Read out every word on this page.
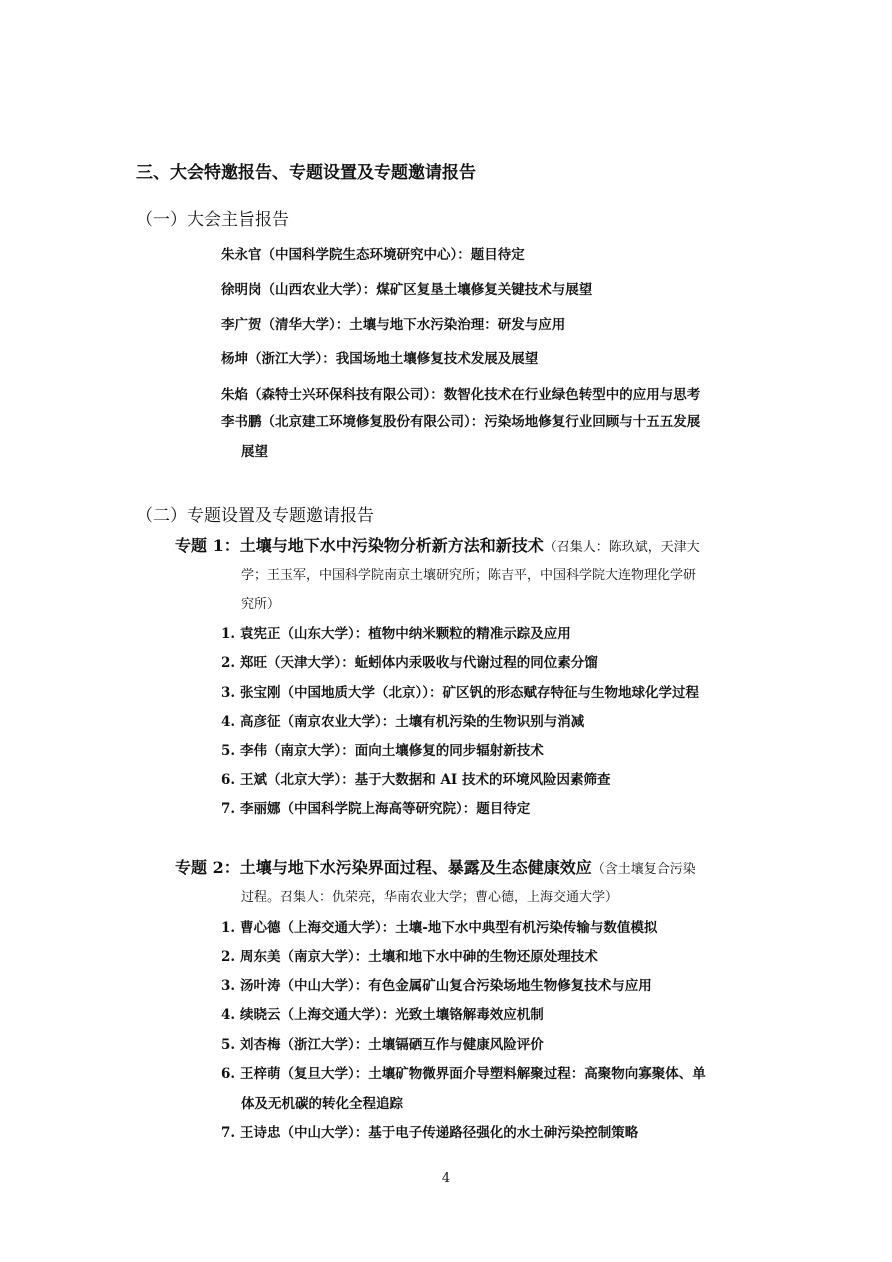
三、大会特邀报告、专题设置及专题邀请报告
（一）大会主旨报告
朱永官（中国科学院生态环境研究中心）：题目待定
徐明岗（山西农业大学）：煤矿区复垦土壤修复关键技术与展望
李广贺（清华大学）：土壤与地下水污染治理：研发与应用
杨坤（浙江大学）：我国场地土壤修复技术发展及展望
朱焰（森特士兴环保科技有限公司）：数智化技术在行业绿色转型中的应用与思考
李书鹏（北京建工环境修复股份有限公司）：污染场地修复行业回顾与十五五发展
展望
（二）专题设置及专题邀请报告
专题 1：土壤与地下水中污染物分析新方法和新技术（召集人：陈玖斌，天津大
学；王玉军，中国科学院南京土壤研究所；陈吉平，中国科学院大连物理化学研
究所）
1. 袁宪正（山东大学）：植物中纳米颗粒的精准示踪及应用
2. 郑旺（天津大学）：蚯蚓体内汞吸收与代谢过程的同位素分馏
3. 张宝刚（中国地质大学（北京））：矿区钒的形态赋存特征与生物地球化学过程
4. 高彦征（南京农业大学）：土壤有机污染的生物识别与消减
5. 李伟（南京大学）：面向土壤修复的同步辐射新技术
6. 王斌（北京大学）：基于大数据和 AI 技术的环境风险因素筛查
7. 李丽娜（中国科学院上海高等研究院）：题目待定
专题 2：土壤与地下水污染界面过程、暴露及生态健康效应（含土壤复合污染
过程。召集人：仇荣亮，华南农业大学；曹心德，上海交通大学）
1. 曹心德（上海交通大学）：土壤-地下水中典型有机污染传输与数值模拟
2. 周东美（南京大学）：土壤和地下水中砷的生物还原处理技术
3. 汤叶涛（中山大学）：有色金属矿山复合污染场地生物修复技术与应用
4. 续晓云（上海交通大学）：光致土壤铬解毒效应机制
5. 刘杏梅（浙江大学）：土壤镉硒互作与健康风险评价
6. 王梓萌（复旦大学）：土壤矿物微界面介导塑料解聚过程：高聚物向寡聚体、单
体及无机碳的转化全程追踪
7. 王诗忠（中山大学）：基于电子传递路径强化的水土砷污染控制策略
4
